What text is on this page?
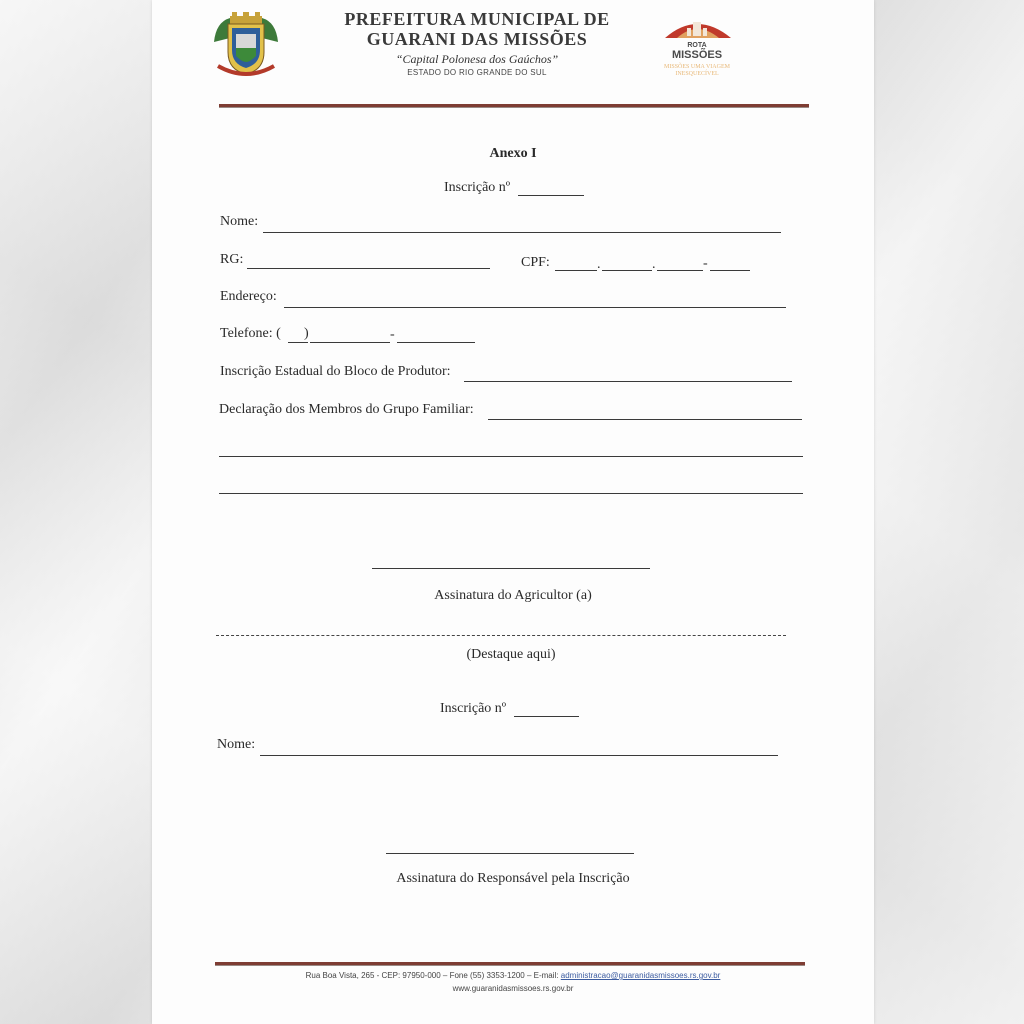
PREFEITURA MUNICIPAL DE
GUARANI DAS MISSÕES
“Capital Polonesa dos Gaúchos”
ESTADO DO RIO GRANDE DO SUL
ROTA
MISSÕES
MISSÕES UMA VIAGEM
INESQUECÍVEL
Anexo I
Inscrição nº
Nome:
RG:	CPF:	.	.	-
Endereço:
Telefone: ( )	-
Inscrição Estadual do Bloco de Produtor:
Declaração dos Membros do Grupo Familiar:
Assinatura do Agricultor (a)
(Destaque aqui)
Inscrição nº
Nome:
Assinatura do Responsável pela Inscrição
Rua Boa Vista, 265 - CEP: 97950-000 – Fone (55) 3353-1200 – E-mail: administracao@guaranidasmissoes.rs.gov.br
www.guaranidasmissoes.rs.gov.br
